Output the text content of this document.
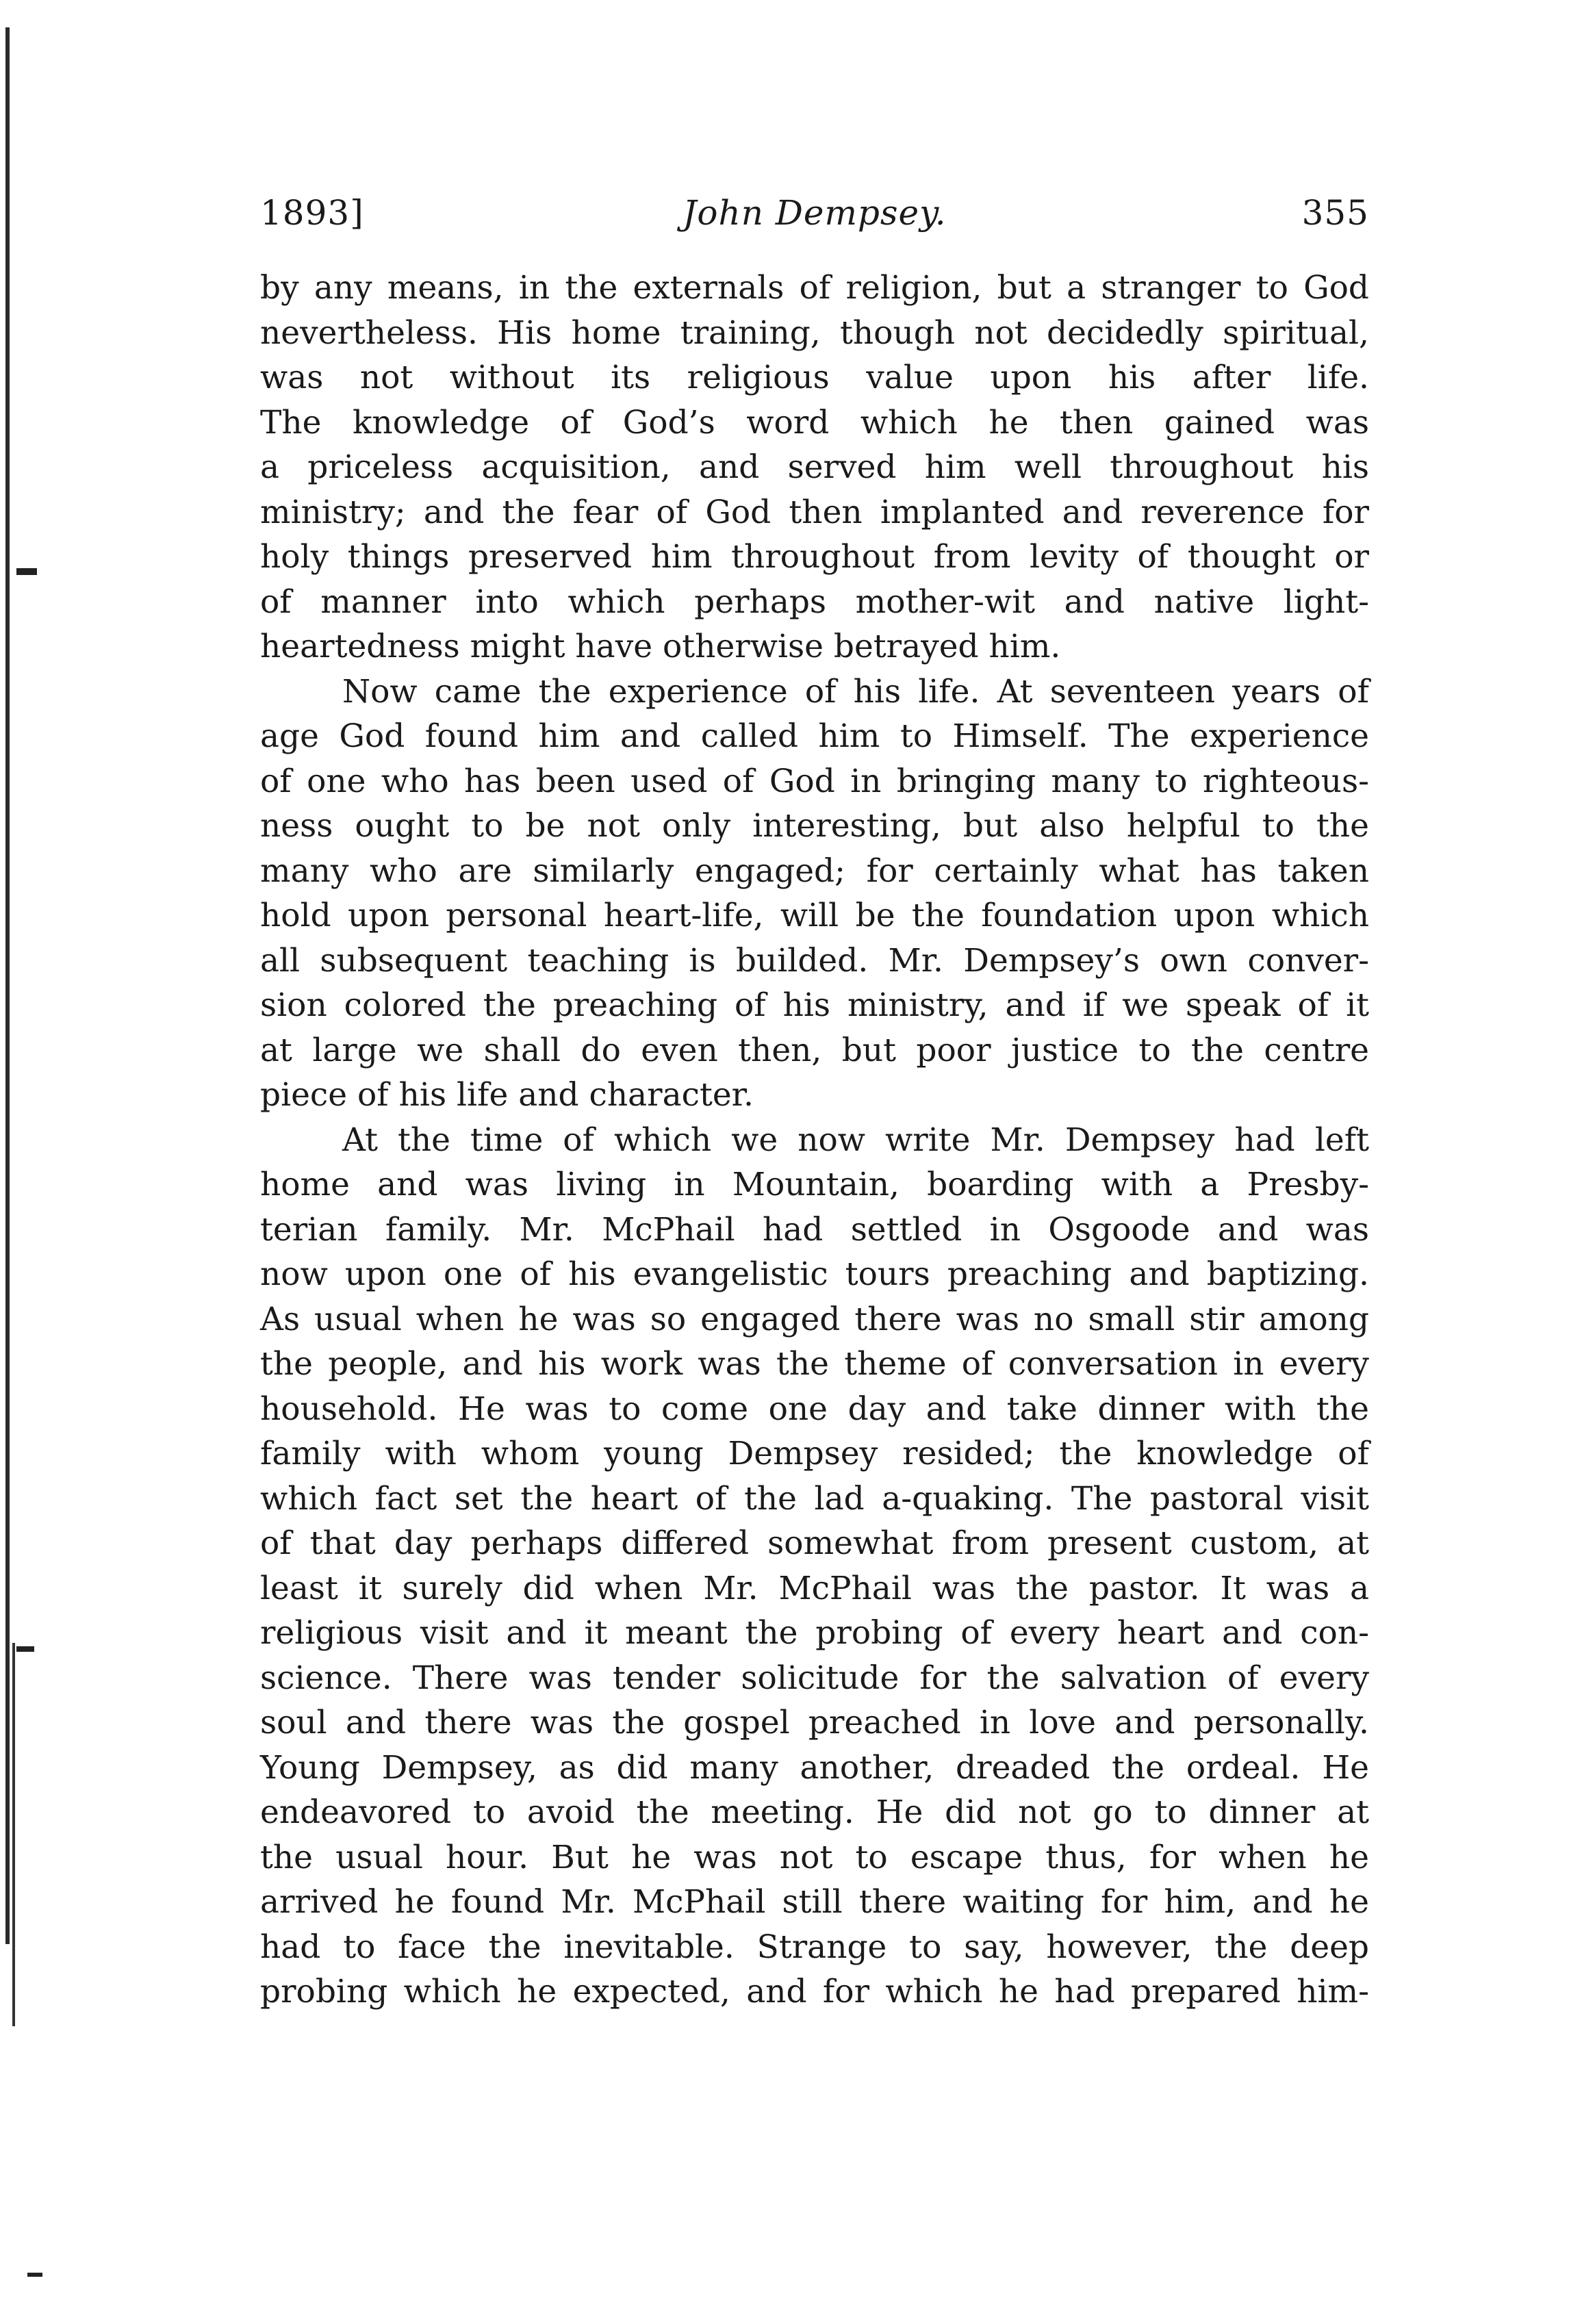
1893]	John Dempsey.	355
by any means, in the externals of religion, but a stranger to God
nevertheless. His home training, though not decidedly spiritual,
was not without its religious value upon his after life.
The knowledge of God’s word which he then gained was
a priceless acquisition, and served him well throughout his
ministry; and the fear of God then implanted and reverence for
holy things preserved him throughout from levity of thought or
of manner into which perhaps mother-wit and native light-
heartedness might have otherwise betrayed him.
Now came the experience of his life. At seventeen years of
age God found him and called him to Himself. The experience
of one who has been used of God in bringing many to righteous-
ness ought to be not only interesting, but also helpful to the
many who are similarly engaged; for certainly what has taken
hold upon personal heart-life, will be the foundation upon which
all subsequent teaching is builded. Mr. Dempsey’s own conver-
sion colored the preaching of his ministry, and if we speak of it
at large we shall do even then, but poor justice to the centre
piece of his life and character.
At the time of which we now write Mr. Dempsey had left
home and was living in Mountain, boarding with a Presby-
terian family. Mr. McPhail had settled in Osgoode and was
now upon one of his evangelistic tours preaching and baptizing.
As usual when he was so engaged there was no small stir among
the people, and his work was the theme of conversation in every
household. He was to come one day and take dinner with the
family with whom young Dempsey resided; the knowledge of
which fact set the heart of the lad a-quaking. The pastoral visit
of that day perhaps differed somewhat from present custom, at
least it surely did when Mr. McPhail was the pastor. It was a
religious visit and it meant the probing of every heart and con-
science. There was tender solicitude for the salvation of every
soul and there was the gospel preached in love and personally.
Young Dempsey, as did many another, dreaded the ordeal. He
endeavored to avoid the meeting. He did not go to dinner at
the usual hour. But he was not to escape thus, for when he
arrived he found Mr. McPhail still there waiting for him, and he
had to face the inevitable. Strange to say, however, the deep
probing which he expected, and for which he had prepared him-
